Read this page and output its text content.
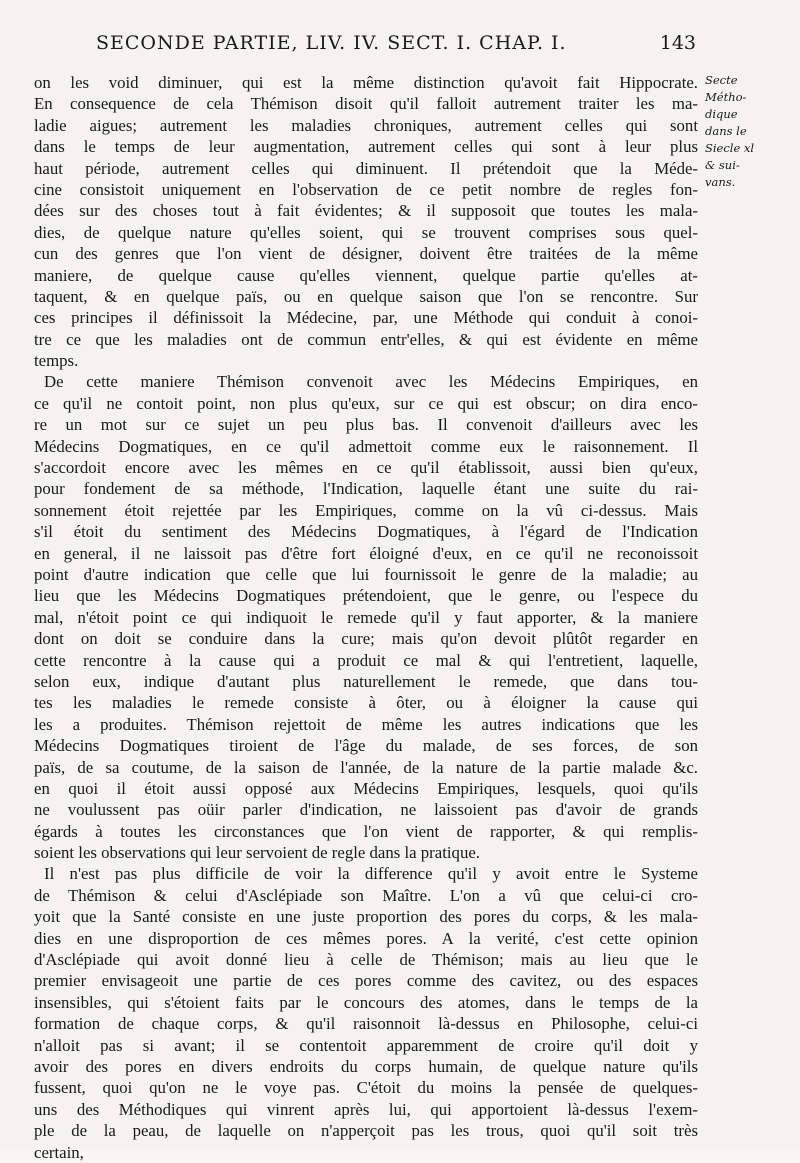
SECONDE PARTIE, LIV. IV. SECT. I. CHAP. I.	143
Secte
Métho-
dique
dans le
Siecle xl
& sui-
vans.
on les void diminuer, qui est la même distinction qu'avoit fait Hippocrate.
En consequence de cela Thémison disoit qu'il falloit autrement traiter les ma-
ladie aigues; autrement les maladies chroniques, autrement celles qui sont
dans le temps de leur augmentation, autrement celles qui sont à leur plus
haut période, autrement celles qui diminuent. Il prétendoit que la Méde-
cine consistoit uniquement en l'observation de ce petit nombre de regles fon-
dées sur des choses tout à fait évidentes; & il supposoit que toutes les mala-
dies, de quelque nature qu'elles soient, qui se trouvent comprises sous quel-
cun des genres que l'on vient de désigner, doivent être traitées de la même
maniere, de quelque cause qu'elles viennent, quelque partie qu'elles at-
taquent, & en quelque païs, ou en quelque saison que l'on se rencontre. Sur
ces principes il définissoit la Médecine, par, une Méthode qui conduit à conoi-
tre ce que les maladies ont de commun entr'elles, & qui est évidente en même
temps.
De cette maniere Thémison convenoit avec les Médecins Empiriques, en
ce qu'il ne contoit point, non plus qu'eux, sur ce qui est obscur; on dira enco-
re un mot sur ce sujet un peu plus bas. Il convenoit d'ailleurs avec les
Médecins Dogmatiques, en ce qu'il admettoit comme eux le raisonnement. Il
s'accordoit encore avec les mêmes en ce qu'il établissoit, aussi bien qu'eux,
pour fondement de sa méthode, l'Indication, laquelle étant une suite du rai-
sonnement étoit rejettée par les Empiriques, comme on la vû ci-dessus. Mais
s'il étoit du sentiment des Médecins Dogmatiques, à l'égard de l'Indication
en general, il ne laissoit pas d'être fort éloigné d'eux, en ce qu'il ne reconoissoit
point d'autre indication que celle que lui fournissoit le genre de la maladie; au
lieu que les Médecins Dogmatiques prétendoient, que le genre, ou l'espece du
mal, n'étoit point ce qui indiquoit le remede qu'il y faut apporter, & la maniere
dont on doit se conduire dans la cure; mais qu'on devoit plûtôt regarder en
cette rencontre à la cause qui a produit ce mal & qui l'entretient, laquelle,
selon eux, indique d'autant plus naturellement le remede, que dans tou-
tes les maladies le remede consiste à ôter, ou à éloigner la cause qui
les a produites. Thémison rejettoit de même les autres indications que les
Médecins Dogmatiques tiroient de l'âge du malade, de ses forces, de son
païs, de sa coutume, de la saison de l'année, de la nature de la partie malade &c.
en quoi il étoit aussi opposé aux Médecins Empiriques, lesquels, quoi qu'ils
ne voulussent pas oüir parler d'indication, ne laissoient pas d'avoir de grands
égards à toutes les circonstances que l'on vient de rapporter, & qui remplis-
soient les observations qui leur servoient de regle dans la pratique.
Il n'est pas plus difficile de voir la difference qu'il y avoit entre le Systeme
de Thémison & celui d'Asclépiade son Maître. L'on a vû que celui-ci cro-
yoit que la Santé consiste en une juste proportion des pores du corps, & les mala-
dies en une disproportion de ces mêmes pores. A la verité, c'est cette opinion
d'Asclépiade qui avoit donné lieu à celle de Thémison; mais au lieu que le
premier envisageoit une partie de ces pores comme des cavitez, ou des espaces
insensibles, qui s'étoient faits par le concours des atomes, dans le temps de la
formation de chaque corps, & qu'il raisonnoit là-dessus en Philosophe, celui-ci
n'alloit pas si avant; il se contentoit apparemment de croire qu'il doit y
avoir des pores en divers endroits du corps humain, de quelque nature qu'ils
fussent, quoi qu'on ne le voye pas. C'étoit du moins la pensée de quelques-
uns des Méthodiques qui vinrent après lui, qui apportoient là-dessus l'exem-
ple de la peau, de laquelle on n'apperçoit pas les trous, quoi qu'il soit très
certain,
